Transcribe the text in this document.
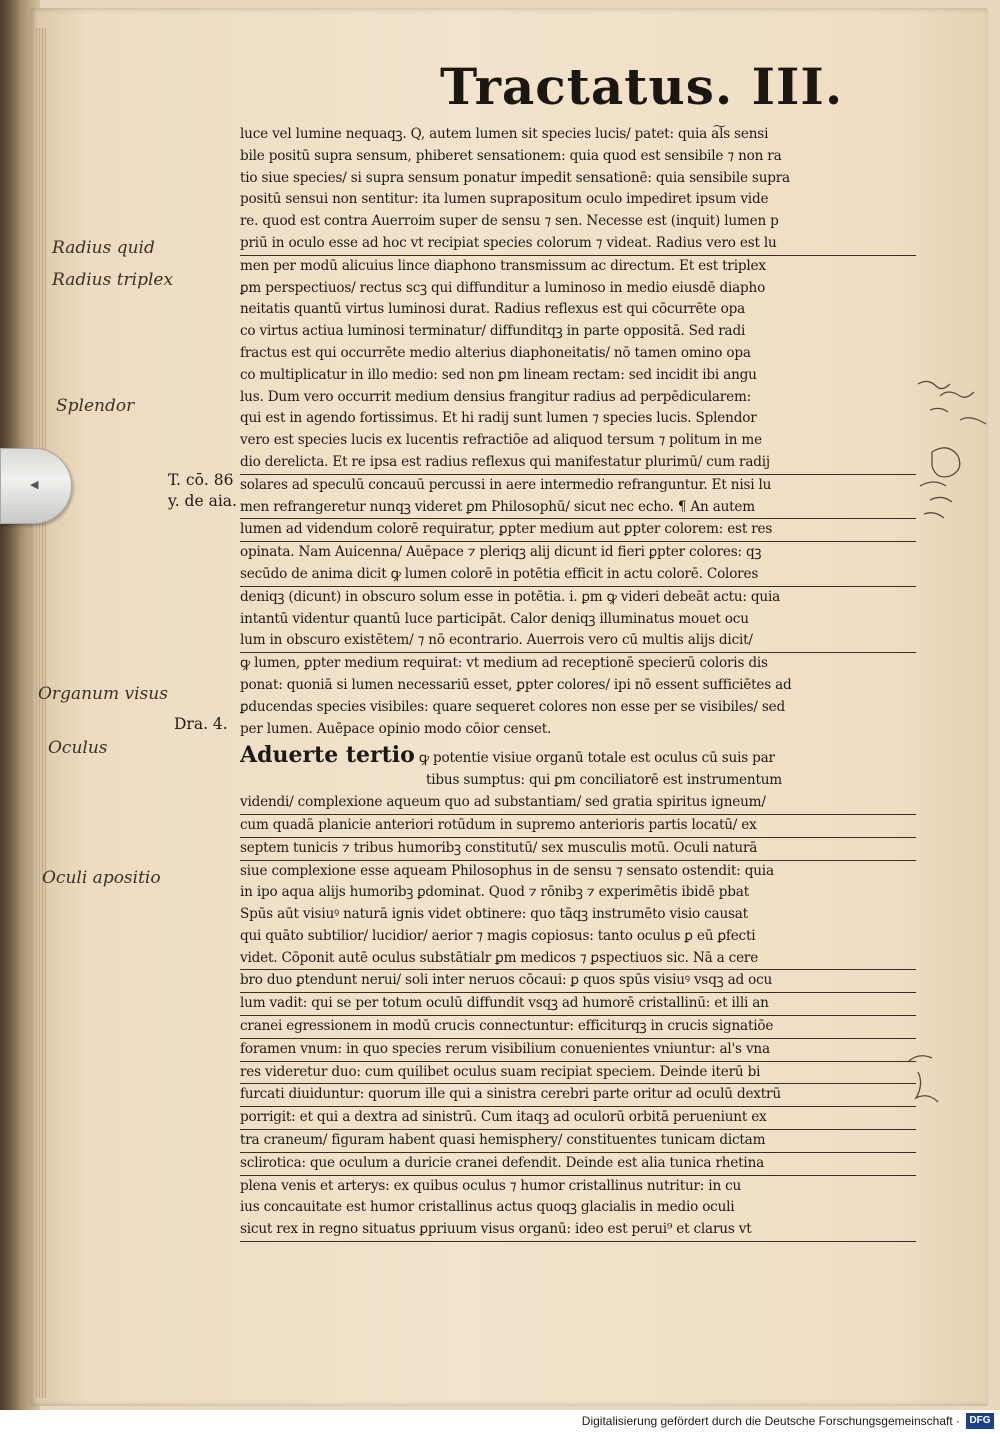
◀
Tractatus. III.
luce vel lumine nequaqꝫ. Q, autem lumen sit species lucis/ patet: quia a͠ls sensi
bile positū supra sensum, phiberet sensationem: quia quod est sensibile ⁊ non ra
tio siue species/ si supra sensum ponatur impedit sensationē: quia sensibile supra
positū sensui non sentitur: ita lumen suprapositum oculo impediret ipsum vide
re. quod est contra Auerroim super de sensu ⁊ sen. Necesse est (inquit) lumen p
priū in oculo esse ad hoc vt recipiat species colorum ⁊ videat. Radius vero est lu
men per modū alicuius lince diaphono transmissum ac directum. Et est triplex
ꝑm perspectiuos/ rectus scꝫ qui diffunditur a luminoso in medio eiusdē diapho
neitatis quantū virtus luminosi durat. Radius reflexus est qui cōcurrēte opa
co virtus actiua luminosi terminatur/ diffunditqꝫ in parte oppositā. Sed radi
fractus est qui occurrēte medio alterius diaphoneitatis/ nō tamen omino opa
co multiplicatur in illo medio: sed non ꝑm lineam rectam: sed incidit ibi angu
lus. Dum vero occurrit medium densius frangitur radius ad perpēdicularem:
qui est in agendo fortissimus. Et hi radij sunt lumen ⁊ species lucis. Splendor
vero est species lucis ex lucentis refractiōe ad aliquod tersum ⁊ politum in me
dio derelicta. Et re ipsa est radius reflexus qui manifestatur plurimū/ cum radij
solares ad speculū concauū percussi in aere intermedio refranguntur. Et nisi lu
men refrangeretur nunqꝫ videret ꝑm Philosophū/ sicut nec echo. ¶ An autem
lumen ad videndum colorē requiratur, ꝑpter medium aut ꝑpter colorem: est res
opinata. Nam Auicenna/ Auēpace ⁊ pleriqꝫ alij dicunt id fieri ꝑpter colores: qꝫ
secūdo de anima dicit ꝙ lumen colorē in potētia efficit in actu colorē. Colores
deniqꝫ (dicunt) in obscuro solum esse in potētia. i. ꝑm ꝙ videri debeāt actu: quia
intantū videntur quantū luce participāt. Calor deniqꝫ illuminatus mouet ocu
lum in obscuro existētem/ ⁊ nō econtrario. Auerrois vero cū multis alijs dicit/
ꝙ lumen, ꝑpter medium requirat: vt medium ad receptionē specierū coloris dis
ponat: quoniā si lumen necessariū esset, ꝑpter colores/ ipi nō essent sufficiētes ad
ꝑducendas species visibiles: quare sequeret colores non esse per se visibiles/ sed
per lumen. Auēpace opinio modo cōior censet.
Aduerte tertio ꝙ potentie visiue organū totale est oculus cū suis par
tibus sumptus: qui ꝑm conciliatorē est instrumentum
videndi/ complexione aqueum quo ad substantiam/ sed gratia spiritus igneum/
cum quadā planicie anteriori rotūdum in supremo anterioris partis locatū/ ex
septem tunicis ⁊ tribus humoribꝫ constitutū/ sex musculis motū. Oculi naturā
siue complexione esse aqueam Philosophus in de sensu ⁊ sensato ostendit: quia
in ipo aqua alijs humoribꝫ ꝑdominat. Quod ⁊ rōnibꝫ ⁊ experimētis ibidē pbat
Spūs aūt visiuꝰ naturā ignis videt obtinere: quo tāqꝫ instrumēto visio causat
qui quāto subtilior/ lucidior/ aerior ⁊ magis copiosus: tanto oculus ꝑ eū ꝑfecti
videt. Cōponit autē oculus substātialr ꝑm medicos ⁊ ꝑspectiuos sic. Nā a cere
bro duo ꝑtendunt nerui/ soli inter neruos cōcaui: ꝑ quos spūs visiuꝰ vsqꝫ ad ocu
lum vadit: qui se per totum oculū diffundit vsqꝫ ad humorē cristallinū: et illi an
cranei egressionem in modū crucis connectuntur: efficiturqꝫ in crucis signatiōe
foramen vnum: in quo species rerum visibilium conuenientes vniuntur: al's vna
res videretur duo: cum quilibet oculus suam recipiat speciem. Deinde iterū bi
furcati diuiduntur: quorum ille qui a sinistra cerebri parte oritur ad oculū dextrū
porrigit: et qui a dextra ad sinistrū. Cum itaqꝫ ad oculorū orbitā perueniunt ex
tra craneum/ figuram habent quasi hemisphery/ constituentes tunicam dictam
sclirotica: que oculum a duricie cranei defendit. Deinde est alia tunica rhetina
plena venis et arterys: ex quibus oculus ⁊ humor cristallinus nutritur: in cu
ius concauitate est humor cristallinus actus quoqꝫ glacialis in medio oculi
sicut rex in regno situatus ꝑpriuum visus organū: ideo est perui⁹ et clarus vt
T. cō. 86
y. de aia.
Dra. 4.
Radius quid
Radius triplex
Splendor
Organum visus
Oculus
Oculi apositio
Digitalisierung gefördert durch die Deutsche Forschungsgemeinschaft · DFG
